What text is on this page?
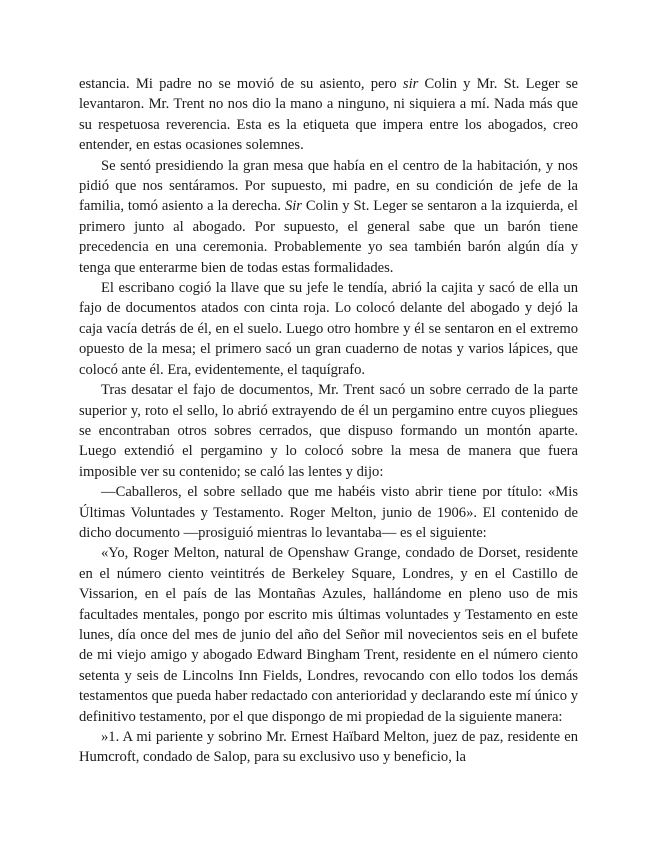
estancia. Mi padre no se movió de su asiento, pero sir Colin y Mr. St. Leger se levantaron. Mr. Trent no nos dio la mano a ninguno, ni siquiera a mí. Nada más que su respetuosa reverencia. Esta es la etiqueta que impera entre los abogados, creo entender, en estas ocasiones solemnes.

Se sentó presidiendo la gran mesa que había en el centro de la habitación, y nos pidió que nos sentáramos. Por supuesto, mi padre, en su condición de jefe de la familia, tomó asiento a la derecha. Sir Colin y St. Leger se sentaron a la izquierda, el primero junto al abogado. Por supuesto, el general sabe que un barón tiene precedencia en una ceremonia. Probablemente yo sea también barón algún día y tenga que enterarme bien de todas estas formalidades.

El escribano cogió la llave que su jefe le tendía, abrió la cajita y sacó de ella un fajo de documentos atados con cinta roja. Lo colocó delante del abogado y dejó la caja vacía detrás de él, en el suelo. Luego otro hombre y él se sentaron en el extremo opuesto de la mesa; el primero sacó un gran cuaderno de notas y varios lápices, que colocó ante él. Era, evidentemente, el taquígrafo.

Tras desatar el fajo de documentos, Mr. Trent sacó un sobre cerrado de la parte superior y, roto el sello, lo abrió extrayendo de él un pergamino entre cuyos pliegues se encontraban otros sobres cerrados, que dispuso formando un montón aparte. Luego extendió el pergamino y lo colocó sobre la mesa de manera que fuera imposible ver su contenido; se caló las lentes y dijo:

—Caballeros, el sobre sellado que me habéis visto abrir tiene por título: «Mis Últimas Voluntades y Testamento. Roger Melton, junio de 1906». El contenido de dicho documento —prosiguió mientras lo levantaba— es el siguiente:

«Yo, Roger Melton, natural de Openshaw Grange, condado de Dorset, residente en el número ciento veintitrés de Berkeley Square, Londres, y en el Castillo de Vissarion, en el país de las Montañas Azules, hallándome en pleno uso de mis facultades mentales, pongo por escrito mis últimas voluntades y Testamento en este lunes, día once del mes de junio del año del Señor mil novecientos seis en el bufete de mi viejo amigo y abogado Edward Bingham Trent, residente en el número ciento setenta y seis de Lincolns Inn Fields, Londres, revocando con ello todos los demás testamentos que pueda haber redactado con anterioridad y declarando este mí único y definitivo testamento, por el que dispongo de mi propiedad de la siguiente manera:

»1. A mi pariente y sobrino Mr. Ernest Haïbard Melton, juez de paz, residente en Humcroft, condado de Salop, para su exclusivo uso y beneficio, la
